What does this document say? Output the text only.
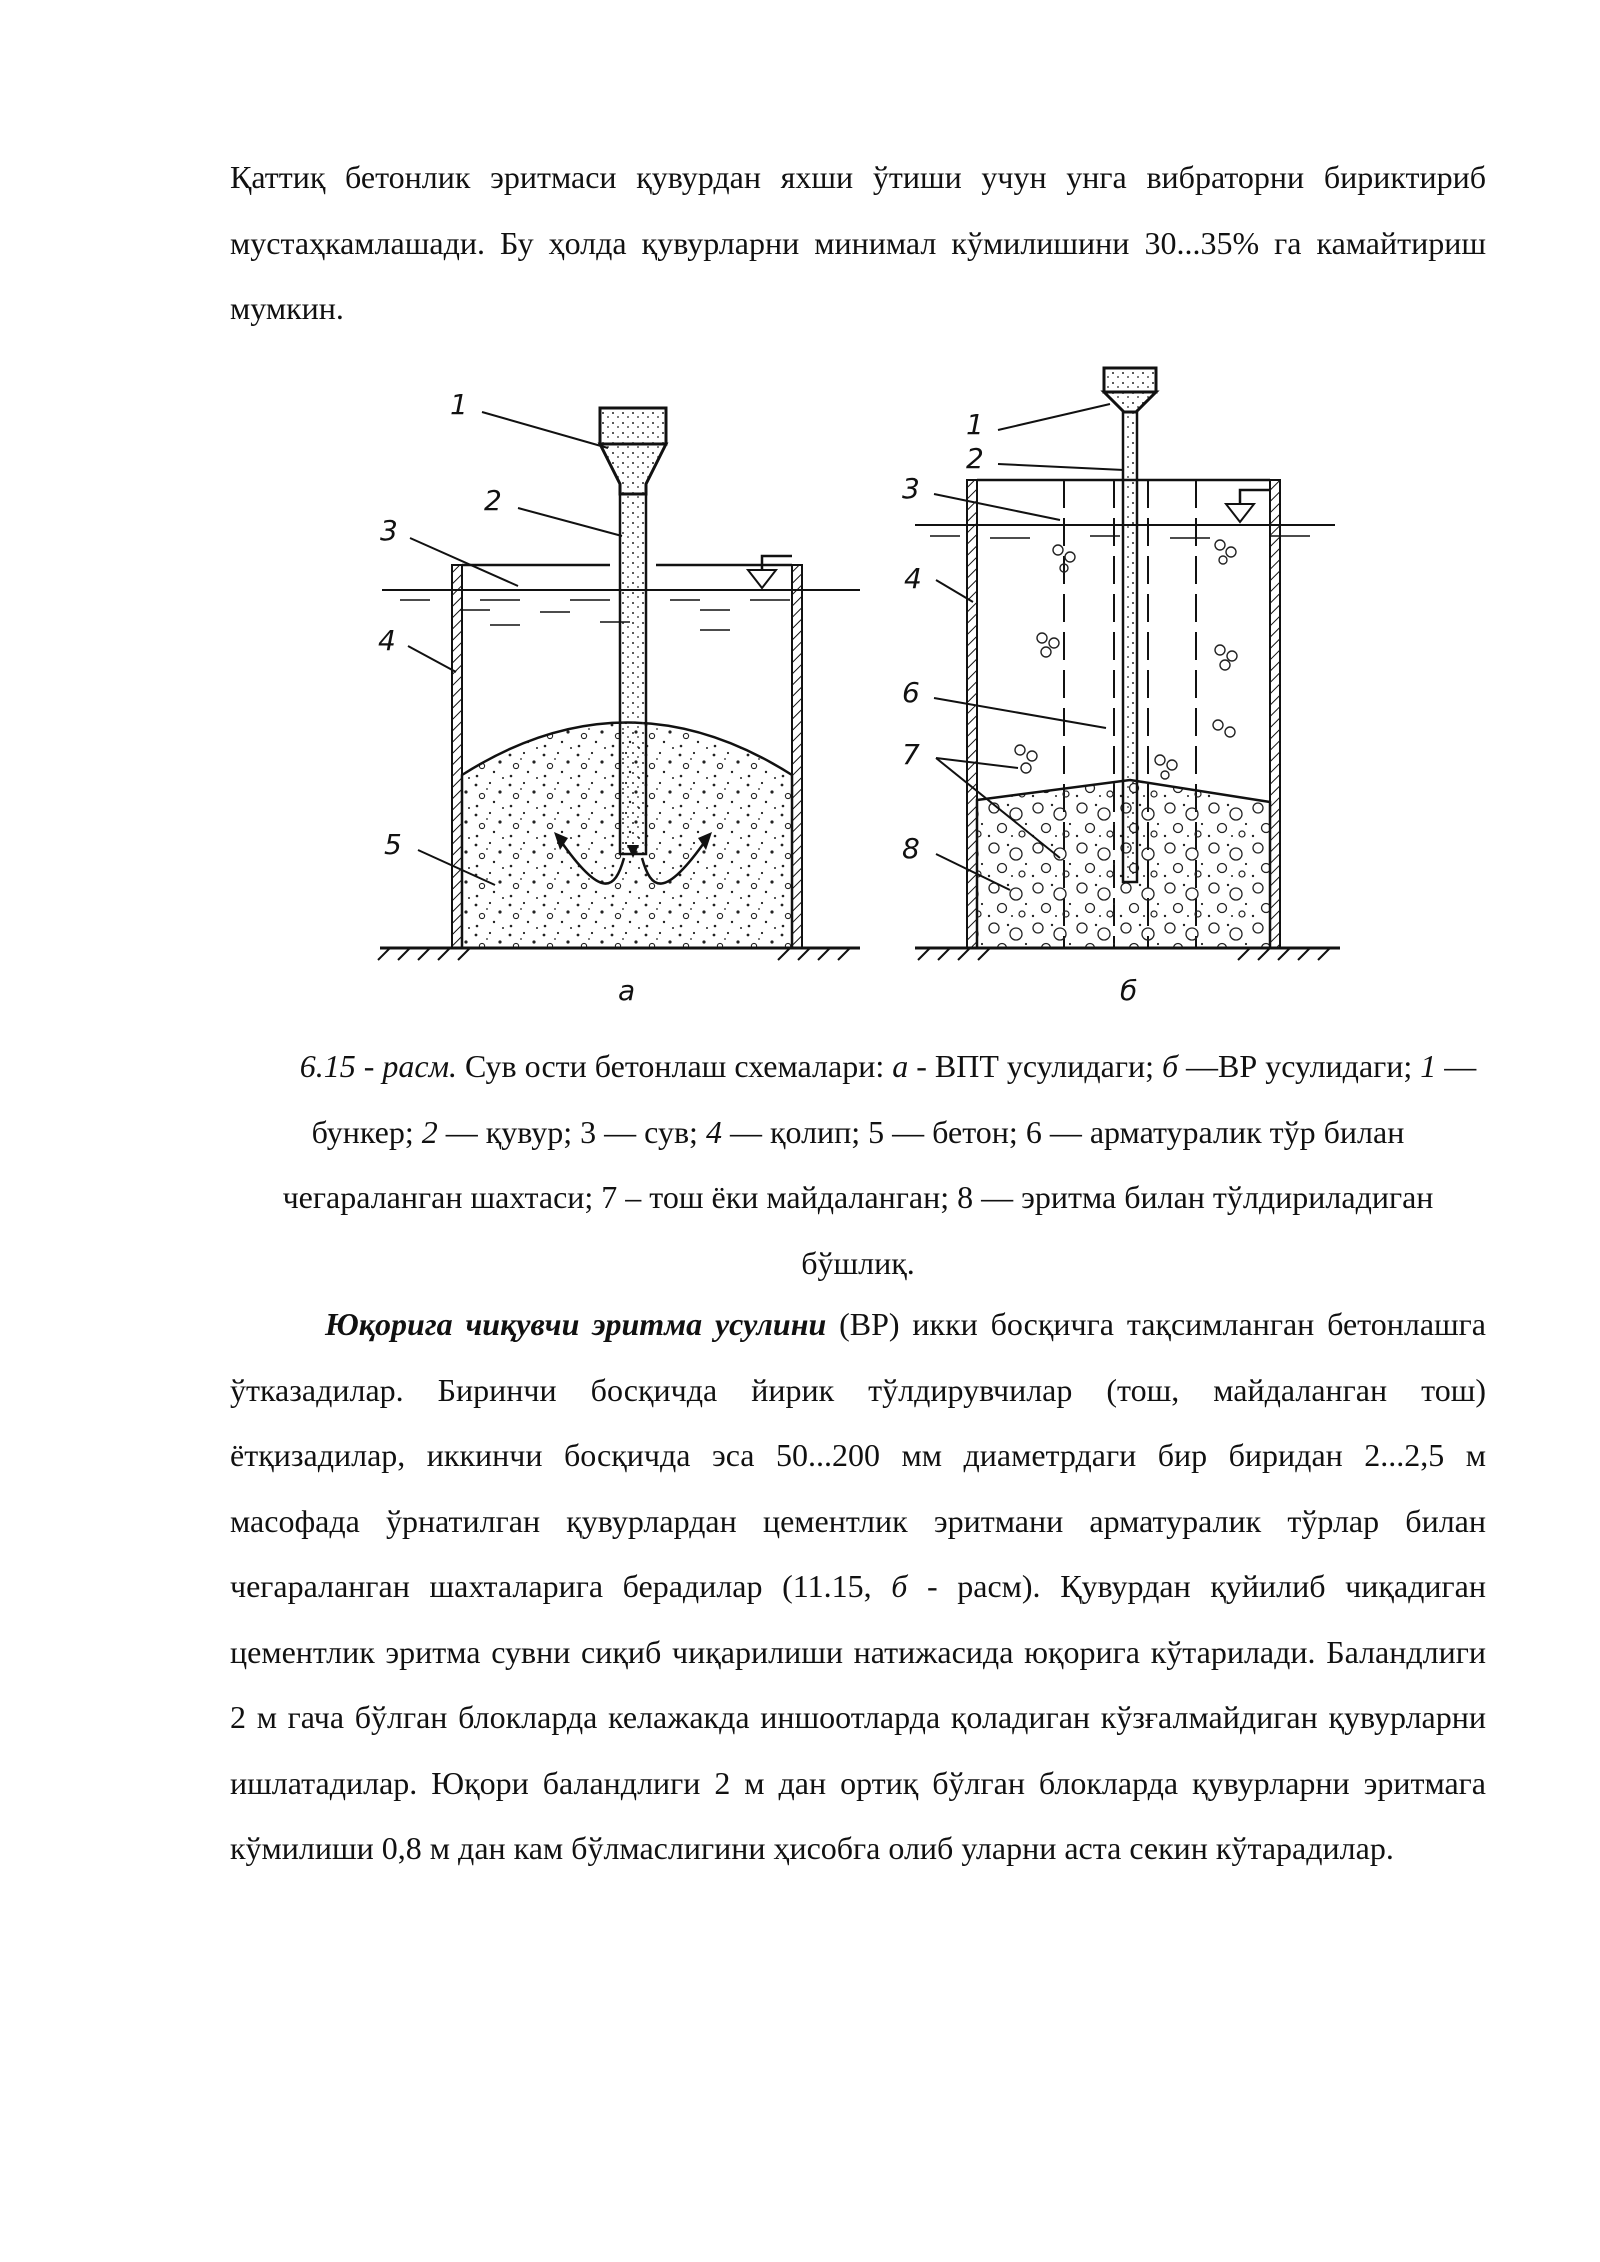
Қаттиқ бетонлик эритмаси қувурдан яхши ўтиши учун унга вибраторни бириктириб мустаҳкамлашади. Бу ҳолда қувурларни минимал кўмилишини 30...35% га камайтириш мумкин.

1
2
3
4
5
а
1
2
3
4
6
7
8
б

6.15 - расм. Сув ости бетонлаш схемалари: а - ВПТ усулидаги; б —ВР усулидаги; 1 — бункер; 2 — қувур; 3 — сув; 4 — қолип; 5 — бетон; 6 — арматуралик тўр билан чегараланган шахтаси; 7 – тош ёки майдаланган; 8 — эритма билан тўлдириладиган бўшлиқ.

Юқорига чиқувчи эритма усулини (ВР) икки босқичга тақсимланган бетонлашга ўтказадилар. Биринчи босқичда йирик тўлдирувчилар (тош, майдаланган тош) ётқизадилар, иккинчи босқичда эса 50...200 мм диаметрдаги бир биридан 2...2,5 м масофада ўрнатилган қувурлардан цементлик эритмани арматуралик тўрлар билан чегараланган шахталарига берадилар (11.15, б - расм). Қувурдан қуйилиб чиқадиган цементлик эритма сувни сиқиб чиқарилиши натижасида юқорига кўтарилади. Баландлиги 2 м гача бўлган блокларда келажакда иншоотларда қоладиган кўзғалмайдиган қувурларни ишлатадилар. Юқори баландлиги 2 м дан ортиқ бўлган блокларда қувурларни эритмага кўмилиши 0,8 м дан кам бўлмаслигини ҳисобга олиб уларни аста секин кўтарадилар.
